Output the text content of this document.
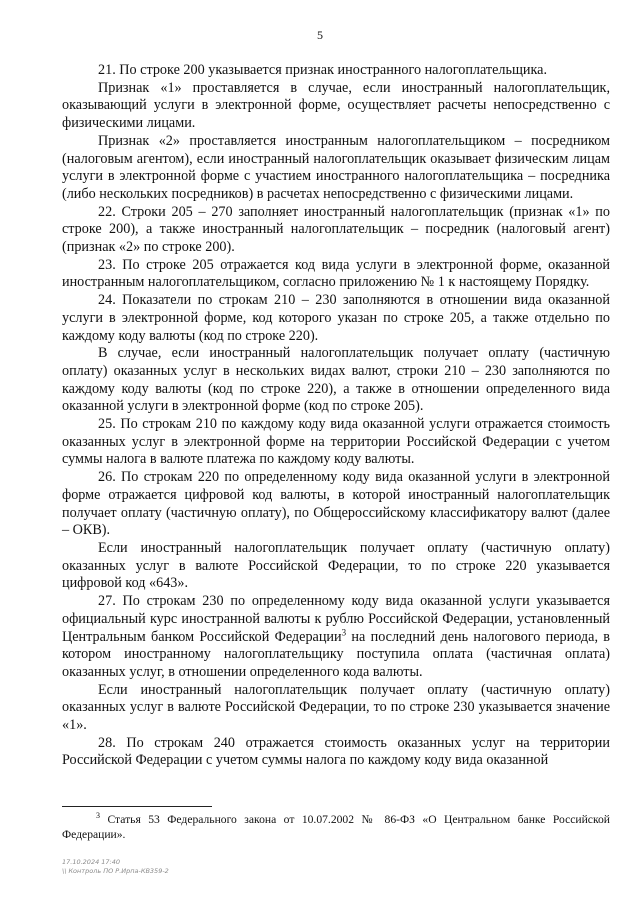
5

21. По строке 200 указывается признак иностранного налогоплательщика.

Признак «1» проставляется в случае, если иностранный налогоплательщик, оказывающий услуги в электронной форме, осуществляет расчеты непосредственно с физическими лицами.

Признак «2» проставляется иностранным налогоплательщиком – посредником (налоговым агентом), если иностранный налогоплательщик оказывает физическим лицам услуги в электронной форме с участием иностранного налогоплательщика – посредника (либо нескольких посредников) в расчетах непосредственно с физическими лицами.

22. Строки 205 – 270 заполняет иностранный налогоплательщик (признак «1» по строке 200), а также иностранный налогоплательщик – посредник (налоговый агент) (признак «2» по строке 200).

23. По строке 205 отражается код вида услуги в электронной форме, оказанной иностранным налогоплательщиком, согласно приложению № 1 к настоящему Порядку.

24. Показатели по строкам 210 – 230 заполняются в отношении вида оказанной услуги в электронной форме, код которого указан по строке 205, а также отдельно по каждому коду валюты (код по строке 220).

В случае, если иностранный налогоплательщик получает оплату (частичную оплату) оказанных услуг в нескольких видах валют, строки 210 – 230 заполняются по каждому коду валюты (код по строке 220), а также в отношении определенного вида оказанной услуги в электронной форме (код по строке 205).

25. По строкам 210 по каждому коду вида оказанной услуги отражается стоимость оказанных услуг в электронной форме на территории Российской Федерации с учетом суммы налога в валюте платежа по каждому коду валюты.

26. По строкам 220 по определенному коду вида оказанной услуги в электронной форме отражается цифровой код валюты, в которой иностранный налогоплательщик получает оплату (частичную оплату), по Общероссийскому классификатору валют (далее – ОКВ).

Если иностранный налогоплательщик получает оплату (частичную оплату) оказанных услуг в валюте Российской Федерации, то по строке 220 указывается цифровой код «643».

27. По строкам 230 по определенному коду вида оказанной услуги указывается официальный курс иностранной валюты к рублю Российской Федерации, установленный Центральным банком Российской Федерации$^3$ на последний день налогового периода, в котором иностранному налогоплательщику поступила оплата (частичная оплата) оказанных услуг, в отношении определенного кода валюты.

Если иностранный налогоплательщик получает оплату (частичную оплату) оказанных услуг в валюте Российской Федерации, то по строке 230 указывается значение «1».

28. По строкам 240 отражается стоимость оказанных услуг на территории Российской Федерации с учетом суммы налога по каждому коду вида оказанной

$^3$ Статья 53 Федерального закона от 10.07.2002 № 86-ФЗ «О Центральном банке Российской Федерации».
17.10.2024 17:40
\\ Контроль ПО Р.Ирпа-КВ359-2
